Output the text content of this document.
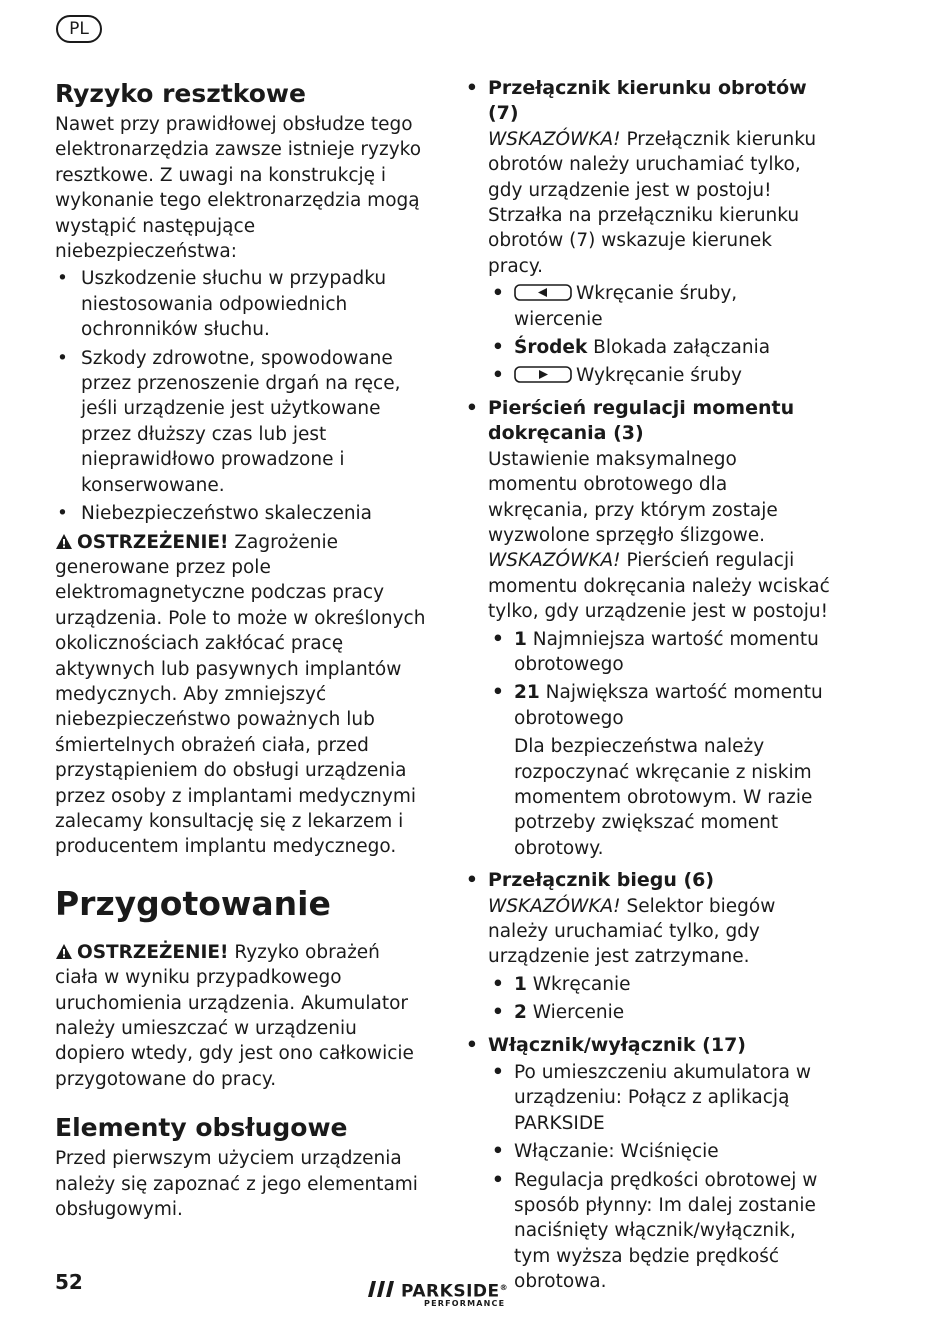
PL
Ryzyko resztkowe

Nawet przy prawidłowej obsłudze tego elektronarzędzia zawsze istnieje ryzyko resztkowe. Z uwagi na konstrukcję i wykonanie tego elektronarzędzia mogą wystąpić następujące niebezpieczeństwa:

• Uszkodzenie słuchu w przypadku niestosowania odpowiednich ochronników słuchu.
• Szkody zdrowotne, spowodowane przez przenoszenie drgań na ręce, jeśli urządzenie jest użytkowane przez dłuższy czas lub jest nieprawidłowo prowadzone i konserwowane.
• Niebezpieczeństwo skaleczenia

OSTRZEŻENIE! Zagrożenie generowane przez pole elektromagnetyczne podczas pracy urządzenia. Pole to może w określonych okolicznościach zakłócać pracę aktywnych lub pasywnych implantów medycznych. Aby zmniejszyć niebezpieczeństwo poważnych lub śmiertelnych obrażeń ciała, przed przystąpieniem do obsługi urządzenia przez osoby z implantami medycznymi zalecamy konsultację się z lekarzem i producentem implantu medycznego.

Przygotowanie

OSTRZEŻENIE! Ryzyko obrażeń ciała w wyniku przypadkowego uruchomienia urządzenia. Akumulator należy umieszczać w urządzeniu dopiero wtedy, gdy jest ono całkowicie przygotowane do pracy.

Elementy obsługowe

Przed pierwszym użyciem urządzenia należy się zapoznać z jego elementami obsługowymi.

• Przełącznik kierunku obrotów (7)

WSKAZÓWKA! Przełącznik kierunku obrotów należy uruchamiać tylko, gdy urządzenie jest w postoju!

Strzałka na przełączniku kierunku obrotów (7) wskazuje kierunek pracy.

• Wkręcanie śruby, wiercenie
• Środek Blokada załączania
• Wykręcanie śruby
• Pierścień regulacji momentu dokręcania (3)

Ustawienie maksymalnego momentu obrotowego dla wkręcania, przy którym zostaje wyzwolone sprzęgło ślizgowe.

WSKAZÓWKA! Pierścień regulacji momentu dokręcania należy wciskać tylko, gdy urządzenie jest w postoju!

• 1 Najmniejsza wartość momentu obrotowego
• 21 Największa wartość momentu obrotowego

Dla bezpieczeństwa należy rozpoczynać wkręcanie z niskim momentem obrotowym. W razie potrzeby zwiększać moment obrotowy.

• Przełącznik biegu (6)

WSKAZÓWKA! Selektor biegów należy uruchamiać tylko, gdy urządzenie jest zatrzymane.

• 1 Wkręcanie
• 2 Wiercenie
• Włącznik/wyłącznik (17)
• Po umieszczeniu akumulatora w urządzeniu: Połącz z aplikacją PARKSIDE
• Włączanie: Wciśnięcie
• Regulacja prędkości obrotowej w sposób płynny: Im dalej zostanie naciśnięty włącznik/wyłącznik, tym wyższa będzie prędkość obrotowa.
52	PARKSIDE®
PERFORMANCE
